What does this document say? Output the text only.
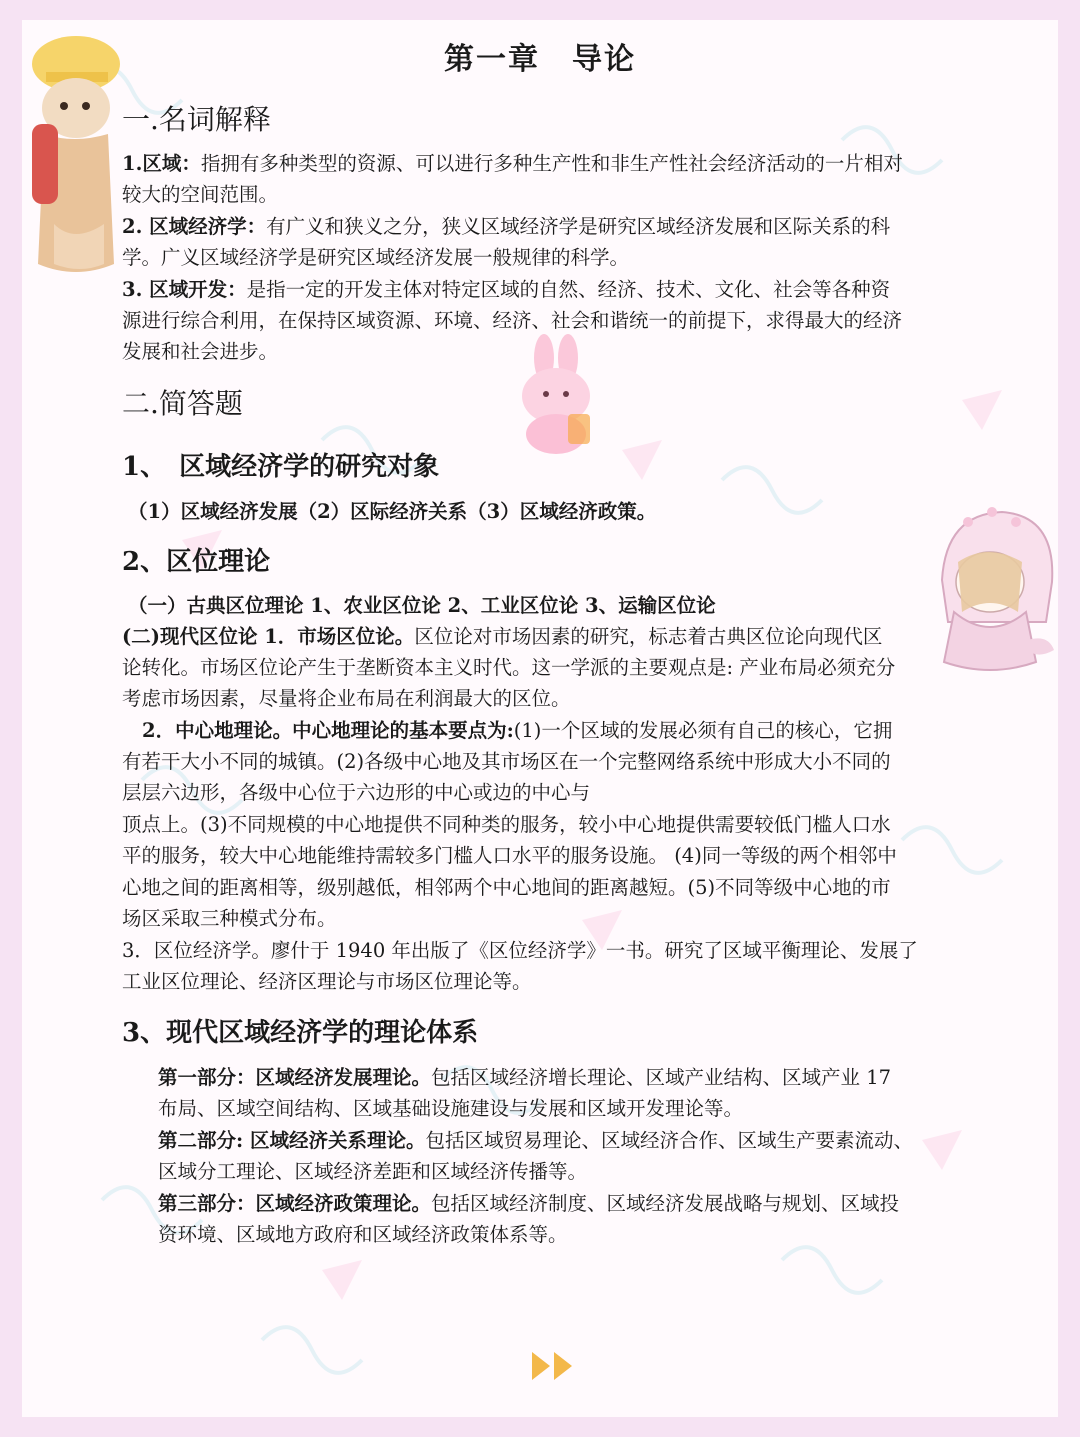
第一章　导论
一.名词解释
1.区域：指拥有多种类型的资源、可以进行多种生产性和非生产性社会经济活动的一片相对
较大的空间范围。
2. 区域经济学：有广义和狭义之分，狭义区域经济学是研究区域经济发展和区际关系的科
学。广义区域经济学是研究区域经济发展一般规律的科学。
3. 区域开发：是指一定的开发主体对特定区域的自然、经济、技术、文化、社会等各种资
源进行综合利用，在保持区域资源、环境、经济、社会和谐统一的前提下，求得最大的经济
发展和社会进步。
二.简答题
1、　区域经济学的研究对象
（1）区域经济发展（2）区际经济关系（3）区域经济政策。
2、区位理论
（一）古典区位理论 1、农业区位论 2、工业区位论 3、运输区位论
(二)现代区位论 1．市场区位论。区位论对市场因素的研究，标志着古典区位论向现代区
论转化。市场区位论产生于垄断资本主义时代。这一学派的主要观点是: 产业布局必须充分
考虑市场因素，尽量将企业布局在利润最大的区位。
2．中心地理论。中心地理论的基本要点为:(1)一个区域的发展必须有自己的核心，它拥
有若干大小不同的城镇。(2)各级中心地及其市场区在一个完整网络系统中形成大小不同的
层层六边形，各级中心位于六边形的中心或边的中心与
顶点上。(3)不同规模的中心地提供不同种类的服务，较小中心地提供需要较低门槛人口水
平的服务，较大中心地能维持需较多门槛人口水平的服务设施。 (4)同一等级的两个相邻中
心地之间的距离相等，级别越低，相邻两个中心地间的距离越短。(5)不同等级中心地的市
场区采取三种模式分布。
3．区位经济学。廖什于 1940 年出版了《区位经济学》一书。研究了区域平衡理论、发展了
工业区位理论、经济区理论与市场区位理论等。
3、现代区域经济学的理论体系
第一部分：区域经济发展理论。包括区域经济增长理论、区域产业结构、区域产业 17
布局、区域空间结构、区域基础设施建设与发展和区域开发理论等。
第二部分: 区域经济关系理论。包括区域贸易理论、区域经济合作、区域生产要素流动、
区域分工理论、区域经济差距和区域经济传播等。
第三部分：区域经济政策理论。包括区域经济制度、区域经济发展战略与规划、区域投
资环境、区域地方政府和区域经济政策体系等。
